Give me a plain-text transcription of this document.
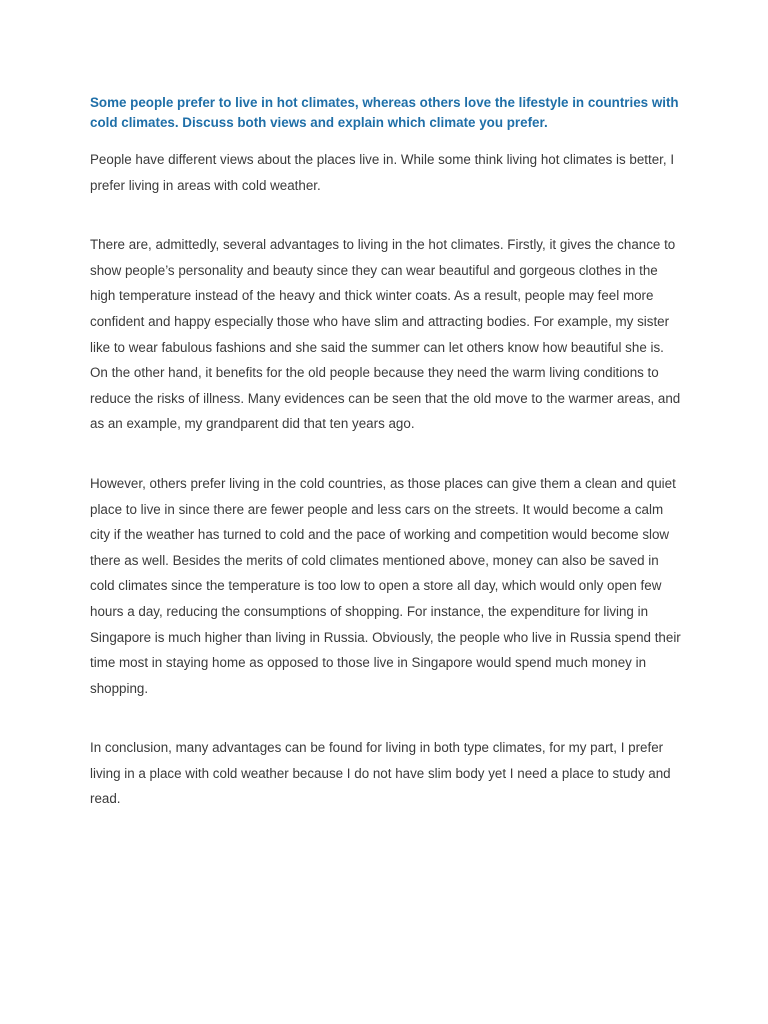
Some people prefer to live in hot climates, whereas others love the lifestyle in countries with cold climates. Discuss both views and explain which climate you prefer.

People have different views about the places live in. While some think living hot climates is better, I prefer living in areas with cold weather.

There are, admittedly, several advantages to living in the hot climates. Firstly, it gives the chance to show people’s personality and beauty since they can wear beautiful and gorgeous clothes in the high temperature instead of the heavy and thick winter coats. As a result, people may feel more confident and happy especially those who have slim and attracting bodies. For example, my sister like to wear fabulous fashions and she said the summer can let others know how beautiful she is. On the other hand, it benefits for the old people because they need the warm living conditions to reduce the risks of illness. Many evidences can be seen that the old move to the warmer areas, and as an example, my grandparent did that ten years ago.

However, others prefer living in the cold countries, as those places can give them a clean and quiet place to live in since there are fewer people and less cars on the streets. It would become a calm city if the weather has turned to cold and the pace of working and competition would become slow there as well. Besides the merits of cold climates mentioned above, money can also be saved in cold climates since the temperature is too low to open a store all day, which would only open few hours a day, reducing the consumptions of shopping. For instance, the expenditure for living in Singapore is much higher than living in Russia. Obviously, the people who live in Russia spend their time most in staying home as opposed to those live in Singapore would spend much money in shopping.

In conclusion, many advantages can be found for living in both type climates, for my part, I prefer living in a place with cold weather because I do not have slim body yet I need a place to study and read.
